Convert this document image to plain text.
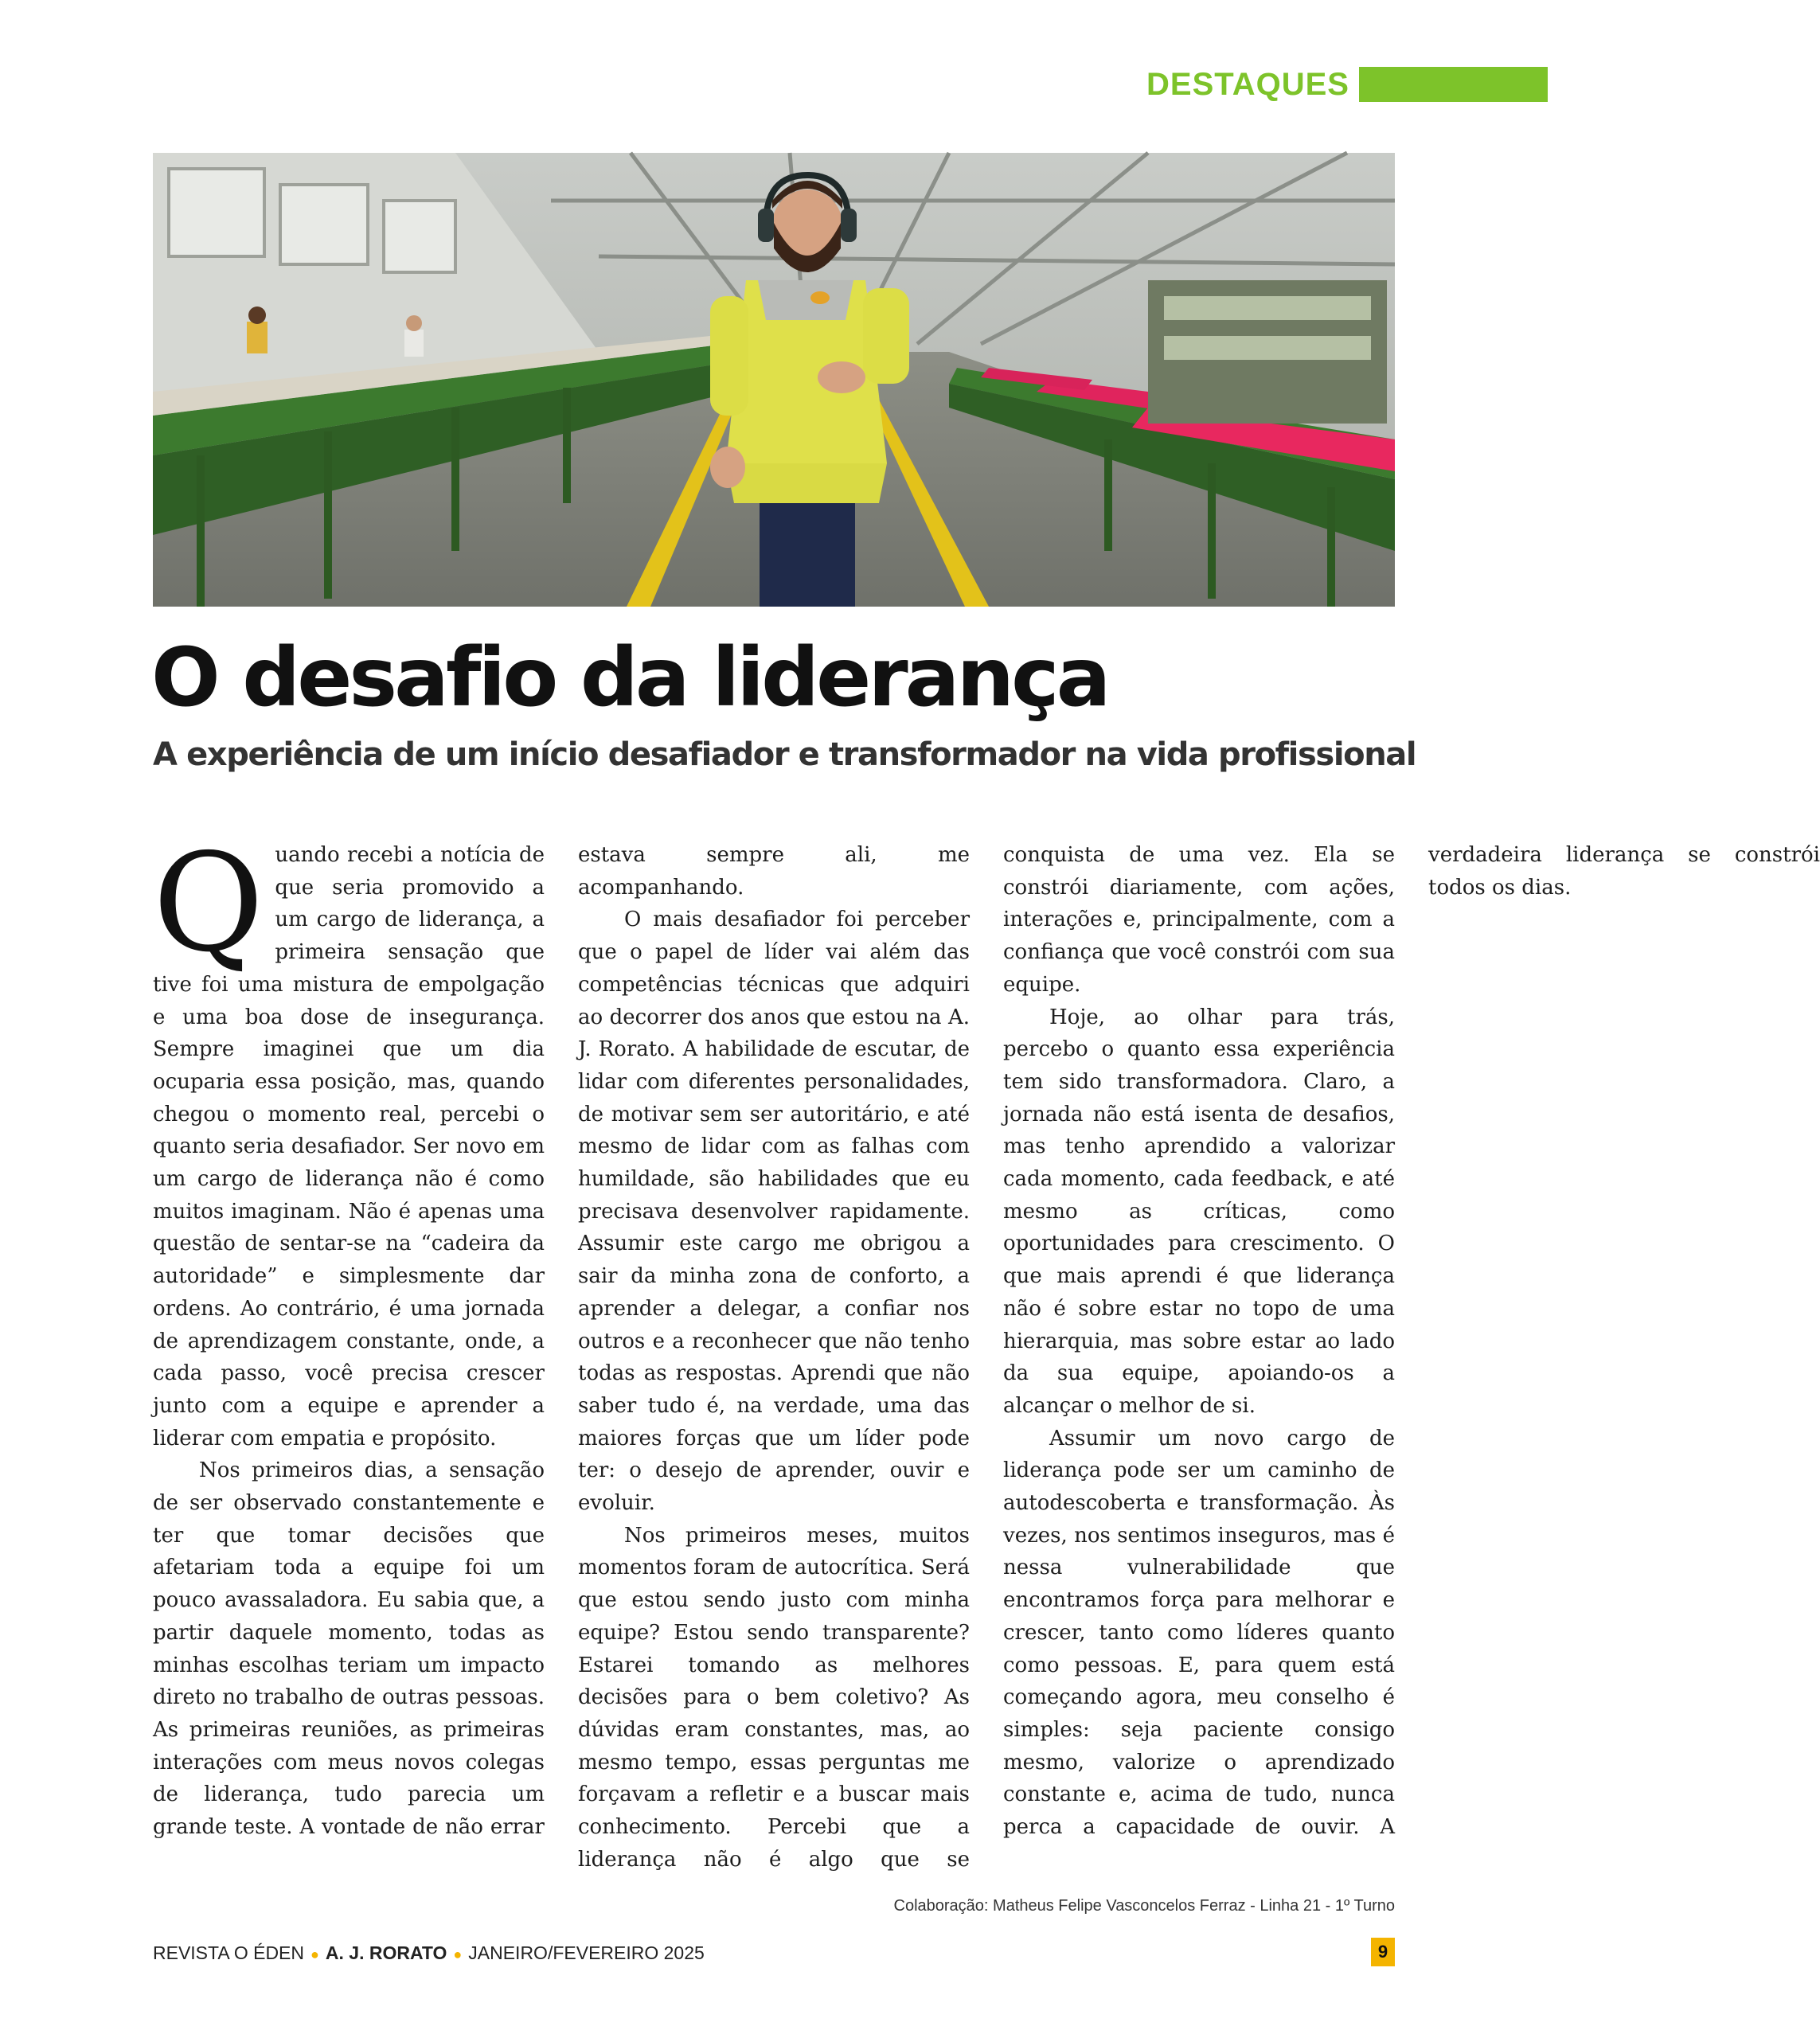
DESTAQUES
O desafio da liderança
A experiência de um início desafiador e transformador na vida profissional

Quando recebi a notícia de que seria promovido a um cargo de liderança, a primeira sensação que tive foi uma mistura de empolgação e uma boa dose de insegurança. Sempre imaginei que um dia ocuparia essa posição, mas, quando chegou o momento real, percebi o quanto seria desafiador. Ser novo em um cargo de liderança não é como muitos imaginam. Não é apenas uma questão de sentar-se na “cadeira da autoridade” e simplesmente dar ordens. Ao contrário, é uma jornada de aprendizagem constante, onde, a cada passo, você precisa crescer junto com a equipe e aprender a liderar com empatia e propósito.

Nos primeiros dias, a sensação de ser observado constantemente e ter que tomar decisões que afetariam toda a equipe foi um pouco avassaladora. Eu sabia que, a partir daquele momento, todas as minhas escolhas teriam um impacto direto no trabalho de outras pessoas. As primeiras reuniões, as primeiras interações com meus novos colegas de liderança, tudo parecia um grande teste. A vontade de não errar estava sempre ali, me acompanhando.

O mais desafiador foi perceber que o papel de líder vai além das competências técnicas que adquiri ao decorrer dos anos que estou na A. J. Rorato. A habilidade de escutar, de lidar com diferentes personalidades, de motivar sem ser autoritário, e até mesmo de lidar com as falhas com humildade, são habilidades que eu precisava desenvolver rapidamente. Assumir este cargo me obrigou a sair da minha zona de conforto, a aprender a delegar, a confiar nos outros e a reconhecer que não tenho todas as respostas. Aprendi que não saber tudo é, na verdade, uma das maiores forças que um líder pode ter: o desejo de aprender, ouvir e evoluir.

Nos primeiros meses, muitos momentos foram de autocrítica. Será que estou sendo justo com minha equipe? Estou sendo transparente? Estarei tomando as melhores decisões para o bem coletivo? As dúvidas eram constantes, mas, ao mesmo tempo, essas perguntas me forçavam a refletir e a buscar mais conhecimento. Percebi que a liderança não é algo que se conquista de uma vez. Ela se constrói diariamente, com ações, interações e, principalmente, com a confiança que você constrói com sua equipe.

Hoje, ao olhar para trás, percebo o quanto essa experiência tem sido transformadora. Claro, a jornada não está isenta de desafios, mas tenho aprendido a valorizar cada momento, cada feedback, e até mesmo as críticas, como oportunidades para crescimento. O que mais aprendi é que liderança não é sobre estar no topo de uma hierarquia, mas sobre estar ao lado da sua equipe, apoiando-os a alcançar o melhor de si.

Assumir um novo cargo de liderança pode ser um caminho de autodescoberta e transformação. Às vezes, nos sentimos inseguros, mas é nessa vulnerabilidade que encontramos força para melhorar e crescer, tanto como líderes quanto como pessoas. E, para quem está começando agora, meu conselho é simples: seja paciente consigo mesmo, valorize o aprendizado constante e, acima de tudo, nunca perca a capacidade de ouvir. A verdadeira liderança se constrói todos os dias.

Colaboração: Matheus Felipe Vasconcelos Ferraz - Linha 21 - 1º Turno
REVISTA O ÉDEN ● A. J. RORATO ● JANEIRO/FEVEREIRO 2025	9
